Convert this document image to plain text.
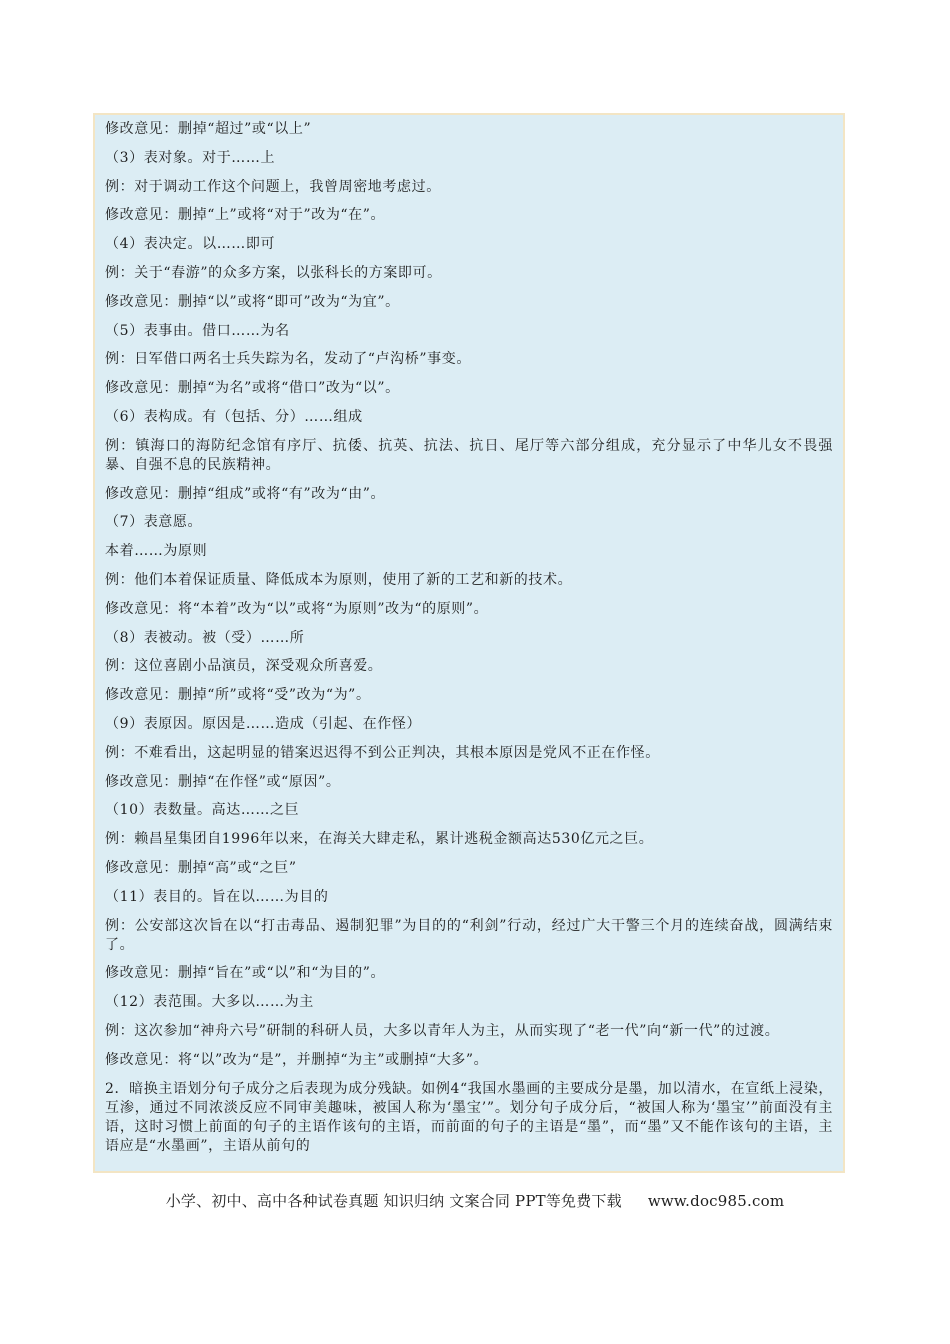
修改意见：删掉“超过”或“以上”
（3）表对象。对于……上
例：对于调动工作这个问题上，我曾周密地考虑过。
修改意见：删掉“上”或将“对于”改为“在”。
（4）表决定。以……即可
例：关于“春游”的众多方案，以张科长的方案即可。
修改意见：删掉“以”或将“即可”改为“为宜”。
（5）表事由。借口……为名
例：日军借口两名士兵失踪为名，发动了“卢沟桥”事变。
修改意见：删掉“为名”或将“借口”改为“以”。
（6）表构成。有（包括、分）……组成
例：镇海口的海防纪念馆有序厅、抗倭、抗英、抗法、抗日、尾厅等六部分组成，充分显示了中华儿女不畏强暴、自强不息的民族精神。
修改意见：删掉“组成”或将“有”改为“由”。
（7）表意愿。
本着……为原则
例：他们本着保证质量、降低成本为原则，使用了新的工艺和新的技术。
修改意见：将“本着”改为“以”或将“为原则”改为“的原则”。
（8）表被动。被（受）……所
例：这位喜剧小品演员，深受观众所喜爱。
修改意见：删掉“所”或将“受”改为“为”。
（9）表原因。原因是……造成（引起、在作怪）
例：不难看出，这起明显的错案迟迟得不到公正判决，其根本原因是党风不正在作怪。
修改意见：删掉“在作怪”或“原因”。
（10）表数量。高达……之巨
例：赖昌星集团自1996年以来，在海关大肆走私，累计逃税金额高达530亿元之巨。
修改意见：删掉“高”或“之巨”
（11）表目的。旨在以……为目的
例：公安部这次旨在以“打击毒品、遏制犯罪”为目的的“利剑”行动，经过广大干警三个月的连续奋战，圆满结束了。
修改意见：删掉“旨在”或“以”和“为目的”。
（12）表范围。大多以……为主
例：这次参加“神舟六号”研制的科研人员，大多以青年人为主，从而实现了“老一代”向“新一代”的过渡。
修改意见：将“以”改为“是”，并删掉“为主”或删掉“大多”。
2．暗换主语划分句子成分之后表现为成分残缺。如例4“我国水墨画的主要成分是墨，加以清水，在宣纸上浸染，互渗，通过不同浓淡反应不同审美趣味，被国人称为‘墨宝’”。划分句子成分后，“被国人称为‘墨宝’”前面没有主语，这时习惯上前面的句子的主语作该句的主语，而前面的句子的主语是“墨”，而“墨”又不能作该句的主语，主语应是“水墨画”，主语从前句的
小学、初中、高中各种试卷真题 知识归纳 文案合同 PPT等免费下载 www.doc985.com
